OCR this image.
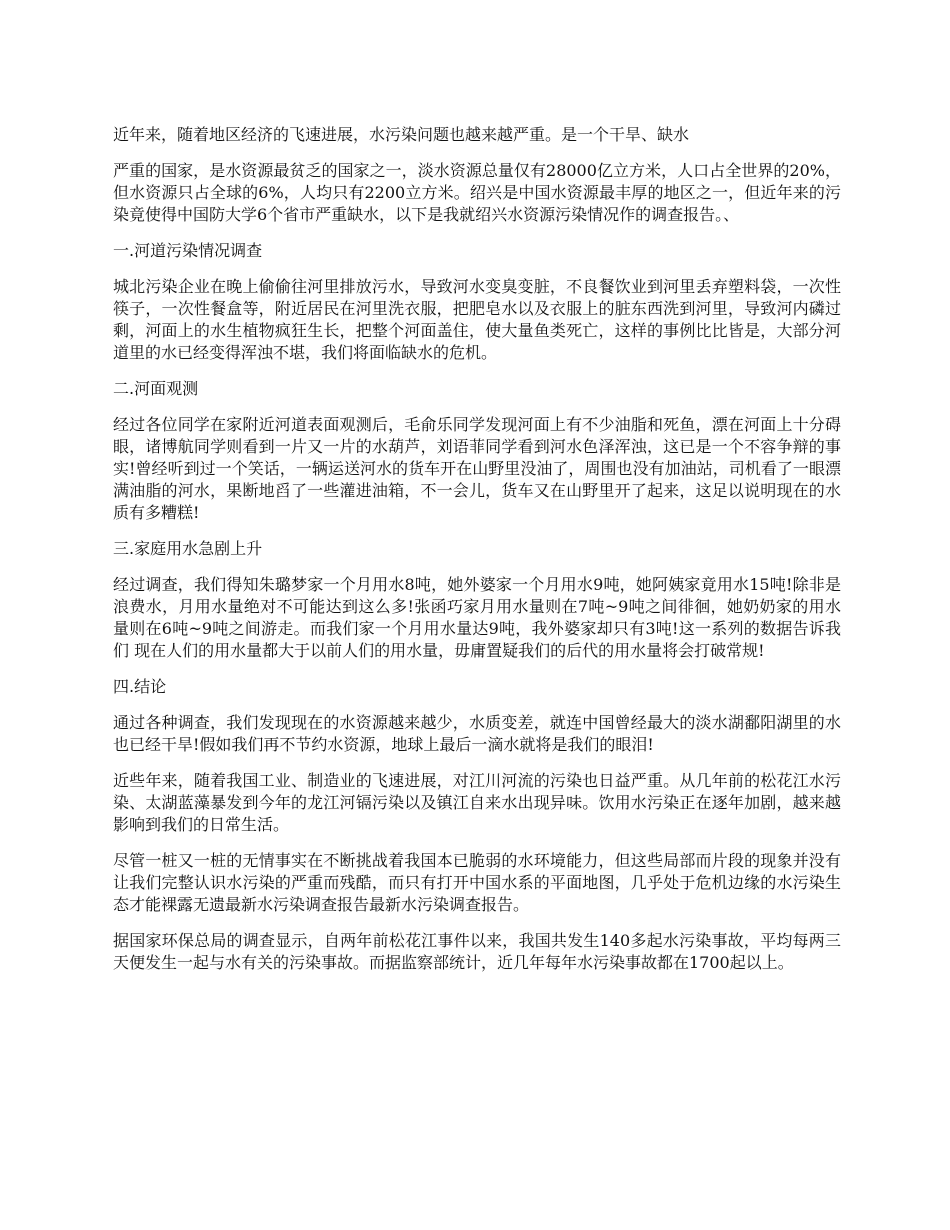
近年来，随着地区经济的飞速进展，水污染问题也越来越严重。是一个干旱、缺水

严重的国家，是水资源最贫乏的国家之一，淡水资源总量仅有28000亿立方米，人口占全世界的20%，但水资源只占全球的6%，人均只有2200立方米。绍兴是中国水资源最丰厚的地区之一，但近年来的污染竟使得中国防大学6个省市严重缺水，以下是我就绍兴水资源污染情况作的调查报告。、

一.河道污染情况调查

城北污染企业在晚上偷偷往河里排放污水，导致河水变臭变脏，不良餐饮业到河里丢弃塑料袋，一次性筷子，一次性餐盒等，附近居民在河里洗衣服，把肥皂水以及衣服上的脏东西洗到河里，导致河内磷过剩，河面上的水生植物疯狂生长，把整个河面盖住，使大量鱼类死亡，这样的事例比比皆是，大部分河道里的水已经变得浑浊不堪，我们将面临缺水的危机。

二.河面观测

经过各位同学在家附近河道表面观测后，毛俞乐同学发现河面上有不少油脂和死鱼，漂在河面上十分碍眼，诸博航同学则看到一片又一片的水葫芦，刘语菲同学看到河水色泽浑浊，这已是一个不容争辩的事实!曾经听到过一个笑话，一辆运送河水的货车开在山野里没油了，周围也没有加油站，司机看了一眼漂满油脂的河水，果断地舀了一些灌进油箱，不一会儿，货车又在山野里开了起来，这足以说明现在的水质有多糟糕!

三.家庭用水急剧上升

经过调查，我们得知朱璐梦家一个月用水8吨，她外婆家一个月用水9吨，她阿姨家竟用水15吨!除非是浪费水，月用水量绝对不可能达到这么多!张函巧家月用水量则在7吨~9吨之间徘徊，她奶奶家的用水量则在6吨~9吨之间游走。而我们家一个月用水量达9吨，我外婆家却只有3吨!这一系列的数据告诉我们 现在人们的用水量都大于以前人们的用水量，毋庸置疑我们的后代的用水量将会打破常规!

四.结论

通过各种调查，我们发现现在的水资源越来越少，水质变差，就连中国曾经最大的淡水湖鄱阳湖里的水也已经干旱!假如我们再不节约水资源，地球上最后一滴水就将是我们的眼泪!

近些年来，随着我国工业、制造业的飞速进展，对江川河流的污染也日益严重。从几年前的松花江水污染、太湖蓝藻暴发到今年的龙江河镉污染以及镇江自来水出现异味。饮用水污染正在逐年加剧，越来越影响到我们的日常生活。

尽管一桩又一桩的无情事实在不断挑战着我国本已脆弱的水环境能力，但这些局部而片段的现象并没有让我们完整认识水污染的严重而残酷，而只有打开中国水系的平面地图，几乎处于危机边缘的水污染生态才能裸露无遗最新水污染调查报告最新水污染调查报告。

据国家环保总局的调查显示，自两年前松花江事件以来，我国共发生140多起水污染事故，平均每两三天便发生一起与水有关的污染事故。而据监察部统计，近几年每年水污染事故都在1700起以上。
